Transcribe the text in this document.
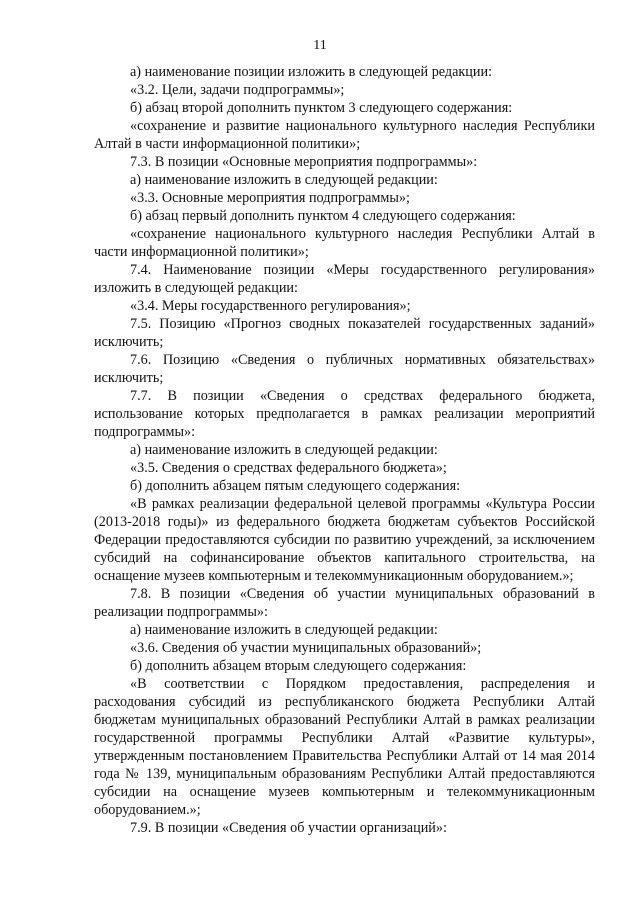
11

а) наименование позиции изложить в следующей редакции:

«3.2. Цели, задачи подпрограммы»;

б) абзац второй дополнить пунктом 3 следующего содержания:

«сохранение и развитие национального культурного наследия Республики Алтай в части информационной политики»;

7.3. В позиции «Основные мероприятия подпрограммы»:

а) наименование изложить в следующей редакции:

«3.3. Основные мероприятия подпрограммы»;

б) абзац первый дополнить пунктом 4 следующего содержания:

«сохранение национального культурного наследия Республики Алтай в части информационной политики»;

7.4. Наименование позиции «Меры государственного регулирования» изложить в следующей редакции:

«3.4. Меры государственного регулирования»;

7.5. Позицию «Прогноз сводных показателей государственных заданий» исключить;

7.6. Позицию «Сведения о публичных нормативных обязательствах» исключить;

7.7. В позиции «Сведения о средствах федерального бюджета, использование которых предполагается в рамках реализации мероприятий подпрограммы»:

а) наименование изложить в следующей редакции:

«3.5. Сведения о средствах федерального бюджета»;

б) дополнить абзацем пятым следующего содержания:

«В рамках реализации федеральной целевой программы «Культура России (2013-2018 годы)» из федерального бюджета бюджетам субъектов Российской Федерации предоставляются субсидии по развитию учреждений, за исключением субсидий на софинансирование объектов капитального строительства, на оснащение музеев компьютерным и телекоммуникационным оборудованием.»;

7.8. В позиции «Сведения об участии муниципальных образований в реализации подпрограммы»:

а) наименование изложить в следующей редакции:

«3.6. Сведения об участии муниципальных образований»;

б) дополнить абзацем вторым следующего содержания:

«В соответствии с Порядком предоставления, распределения и расходования субсидий из республиканского бюджета Республики Алтай бюджетам муниципальных образований Республики Алтай в рамках реализации государственной программы Республики Алтай «Развитие культуры», утвержденным постановлением Правительства Республики Алтай от 14 мая 2014 года № 139, муниципальным образованиям Республики Алтай предоставляются субсидии на оснащение музеев компьютерным и телекоммуникационным оборудованием.»;

7.9. В позиции «Сведения об участии организаций»:
